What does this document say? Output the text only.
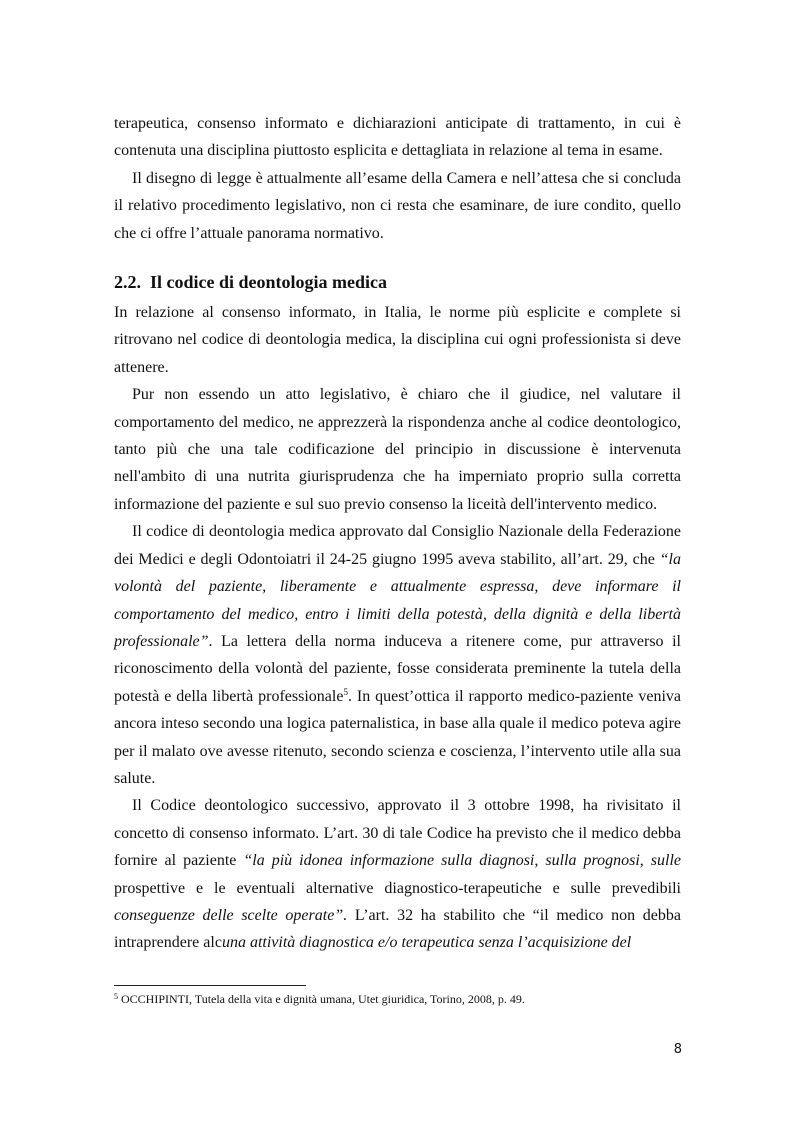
terapeutica, consenso informato e dichiarazioni anticipate di trattamento, in cui è contenuta una disciplina piuttosto esplicita e dettagliata in relazione al tema in esame.

Il disegno di legge è attualmente all’esame della Camera e nell’attesa che si concluda il relativo procedimento legislativo, non ci resta che esaminare, de iure condito, quello che ci offre l’attuale panorama normativo.

2.2. Il codice di deontologia medica

In relazione al consenso informato, in Italia, le norme più esplicite e complete si ritrovano nel codice di deontologia medica, la disciplina cui ogni professionista si deve attenere.

Pur non essendo un atto legislativo, è chiaro che il giudice, nel valutare il comportamento del medico, ne apprezzerà la rispondenza anche al codice deontologico, tanto più che una tale codificazione del principio in discussione è intervenuta nell'ambito di una nutrita giurisprudenza che ha imperniato proprio sulla corretta informazione del paziente e sul suo previo consenso la liceità dell'intervento medico.

Il codice di deontologia medica approvato dal Consiglio Nazionale della Federazione dei Medici e degli Odontoiatri il 24-25 giugno 1995 aveva stabilito, all’art. 29, che “la volontà del paziente, liberamente e attualmente espressa, deve informare il comportamento del medico, entro i limiti della potestà, della dignità e della libertà professionale”. La lettera della norma induceva a ritenere come, pur attraverso il riconoscimento della volontà del paziente, fosse considerata preminente la tutela della potestà e della libertà professionale$^5$. In quest’ottica il rapporto medico-paziente veniva ancora inteso secondo una logica paternalistica, in base alla quale il medico poteva agire per il malato ove avesse ritenuto, secondo scienza e coscienza, l’intervento utile alla sua salute.

Il Codice deontologico successivo, approvato il 3 ottobre 1998, ha rivisitato il concetto di consenso informato. L’art. 30 di tale Codice ha previsto che il medico debba fornire al paziente “la più idonea informazione sulla diagnosi, sulla prognosi, sulle prospettive e le eventuali alternative diagnostico-terapeutiche e sulle prevedibili conseguenze delle scelte operate”. L’art. 32 ha stabilito che “il medico non debba intraprendere alcuna attività diagnostica e/o terapeutica senza l’acquisizione del

$^5$ OCCHIPINTI, Tutela della vita e dignità umana, Utet giuridica, Torino, 2008, p. 49.
8
